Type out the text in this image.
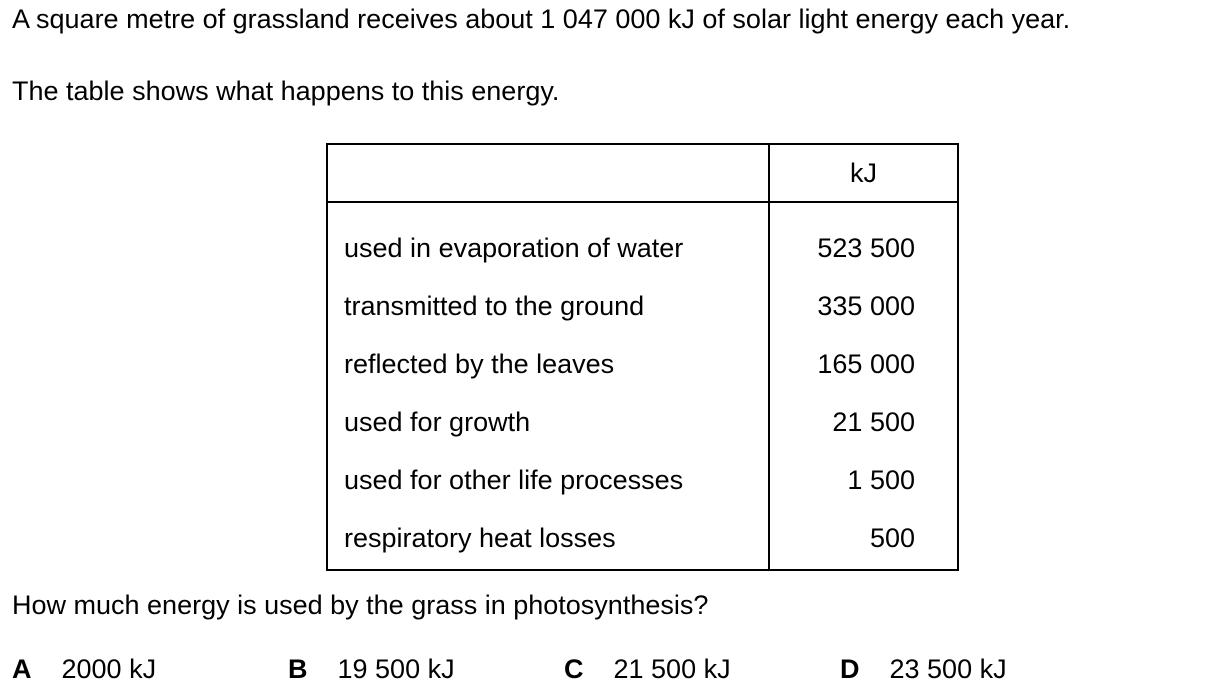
A square metre of grassland receives about 1 047 000 kJ of solar light energy each year.
The table shows what happens to this energy.
	kJ
used in evaporation of water	523 500
transmitted to the ground	335 000
reflected by the leaves	165 000
used for growth	21 500
used for other life processes	1 500
respiratory heat losses	500
How much energy is used by the grass in photosynthesis?
A 2000 kJ	B 19 500 kJ	C 21 500 kJ	D 23 500 kJ
